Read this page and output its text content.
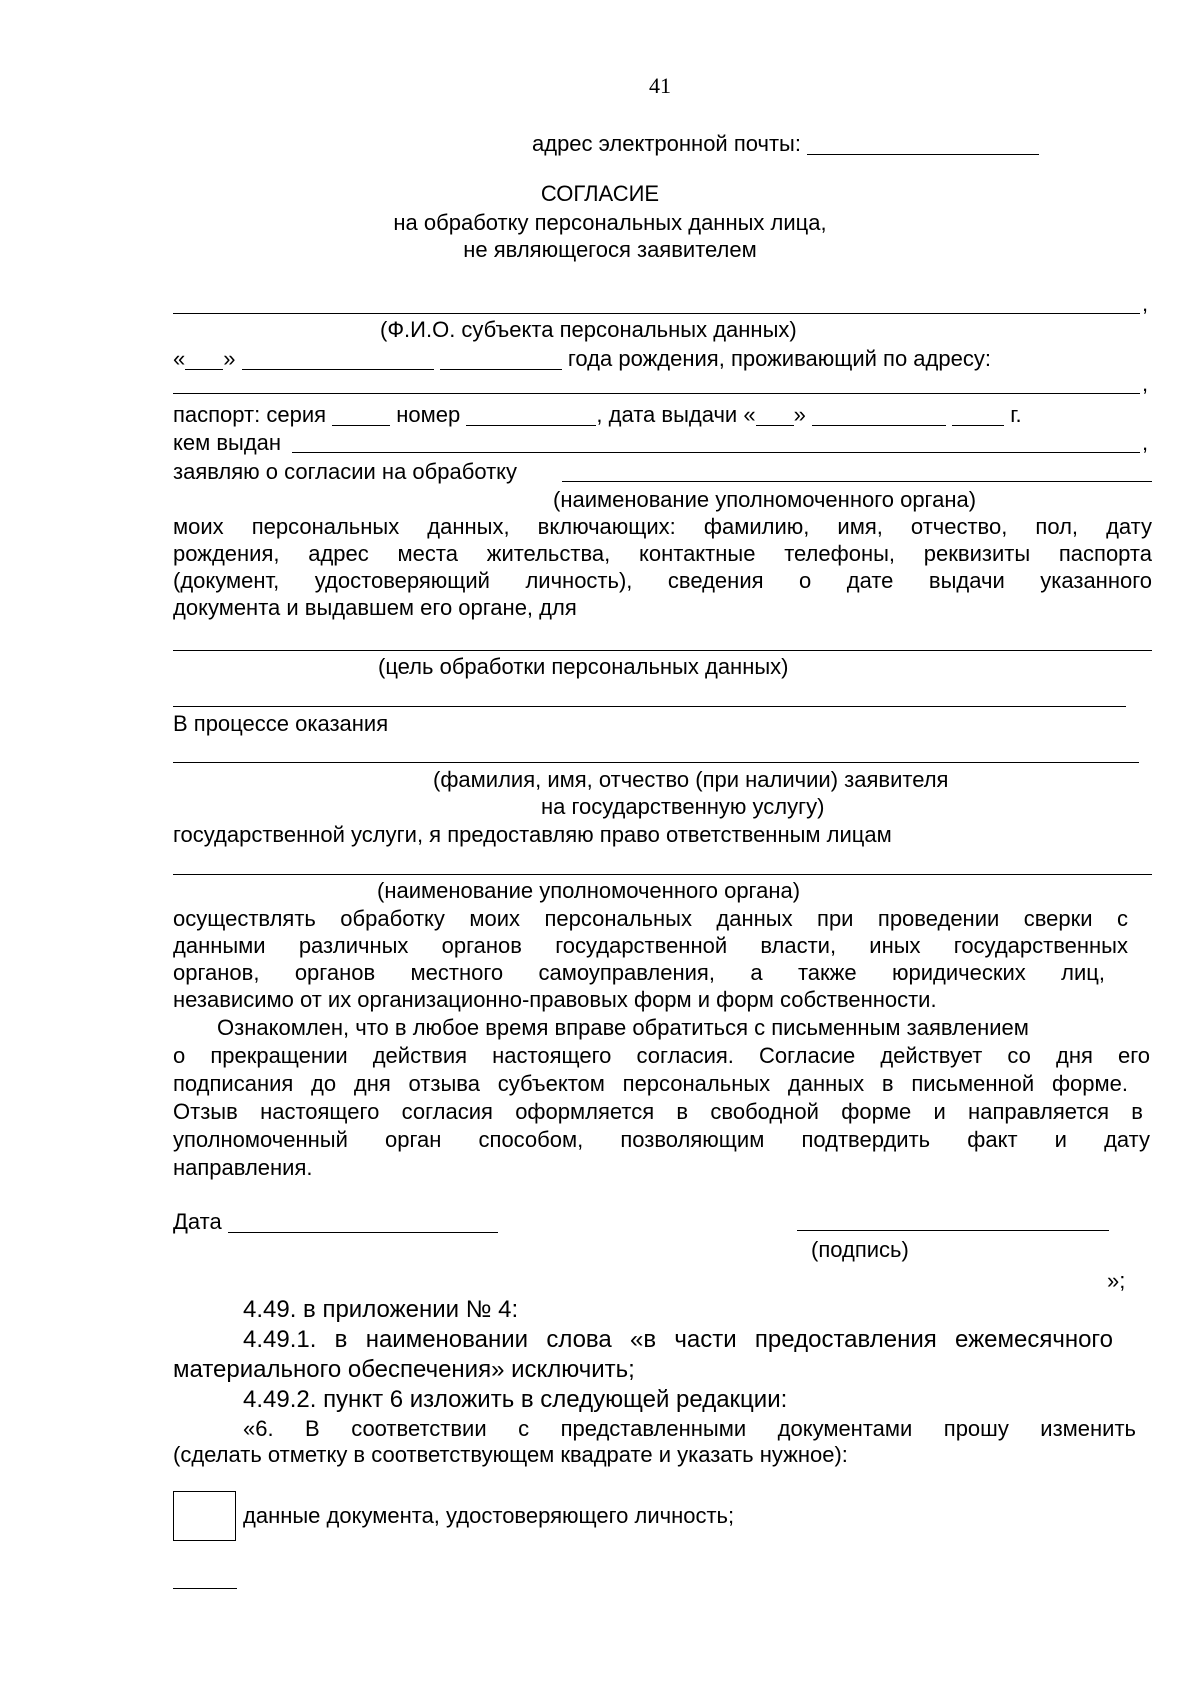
41
адрес электронной почты:
СОГЛАСИЕ
на обработку персональных данных лица,
не являющегося заявителем
,
(Ф.И.О. субъекта персональных данных)
« »	года рождения, проживающий по адресу:
,
паспорт: серия	номер	, дата выдачи « »	г.
кем выдан	,
заявляю о согласии на обработку
(наименование уполномоченного органа)
моих персональных данных, включающих: фамилию, имя, отчество, пол, дату
рождения, адрес места жительства, контактные телефоны, реквизиты паспорта
(документ, удостоверяющий личность), сведения о дате выдачи указанного
документа и выдавшем его органе, для
(цель обработки персональных данных)
В процессе оказания
(фамилия, имя, отчество (при наличии) заявителя
на государственную услугу)
государственной услуги, я предоставляю право ответственным лицам
(наименование уполномоченного органа)
осуществлять обработку моих персональных данных при проведении сверки с
данными различных органов государственной власти, иных государственных
органов, органов местного самоуправления, а также юридических лиц,
независимо от их организационно-правовых форм и форм собственности.
Ознакомлен, что в любое время вправе обратиться с письменным заявлением
о прекращении действия настоящего согласия. Согласие действует со дня его
подписания до дня отзыва субъектом персональных данных в письменной форме.
Отзыв настоящего согласия оформляется в свободной форме и направляется в
уполномоченный орган способом, позволяющим подтвердить факт и дату
направления.
Дата
(подпись)
»;
4.49. в приложении № 4:
4.49.1. в наименовании слова «в части предоставления ежемесячного
материального обеспечения» исключить;
4.49.2. пункт 6 изложить в следующей редакции:
«6. В соответствии с представленными документами прошу изменить
(сделать отметку в соответствующем квадрате и указать нужное):
данные документа, удостоверяющего личность;
